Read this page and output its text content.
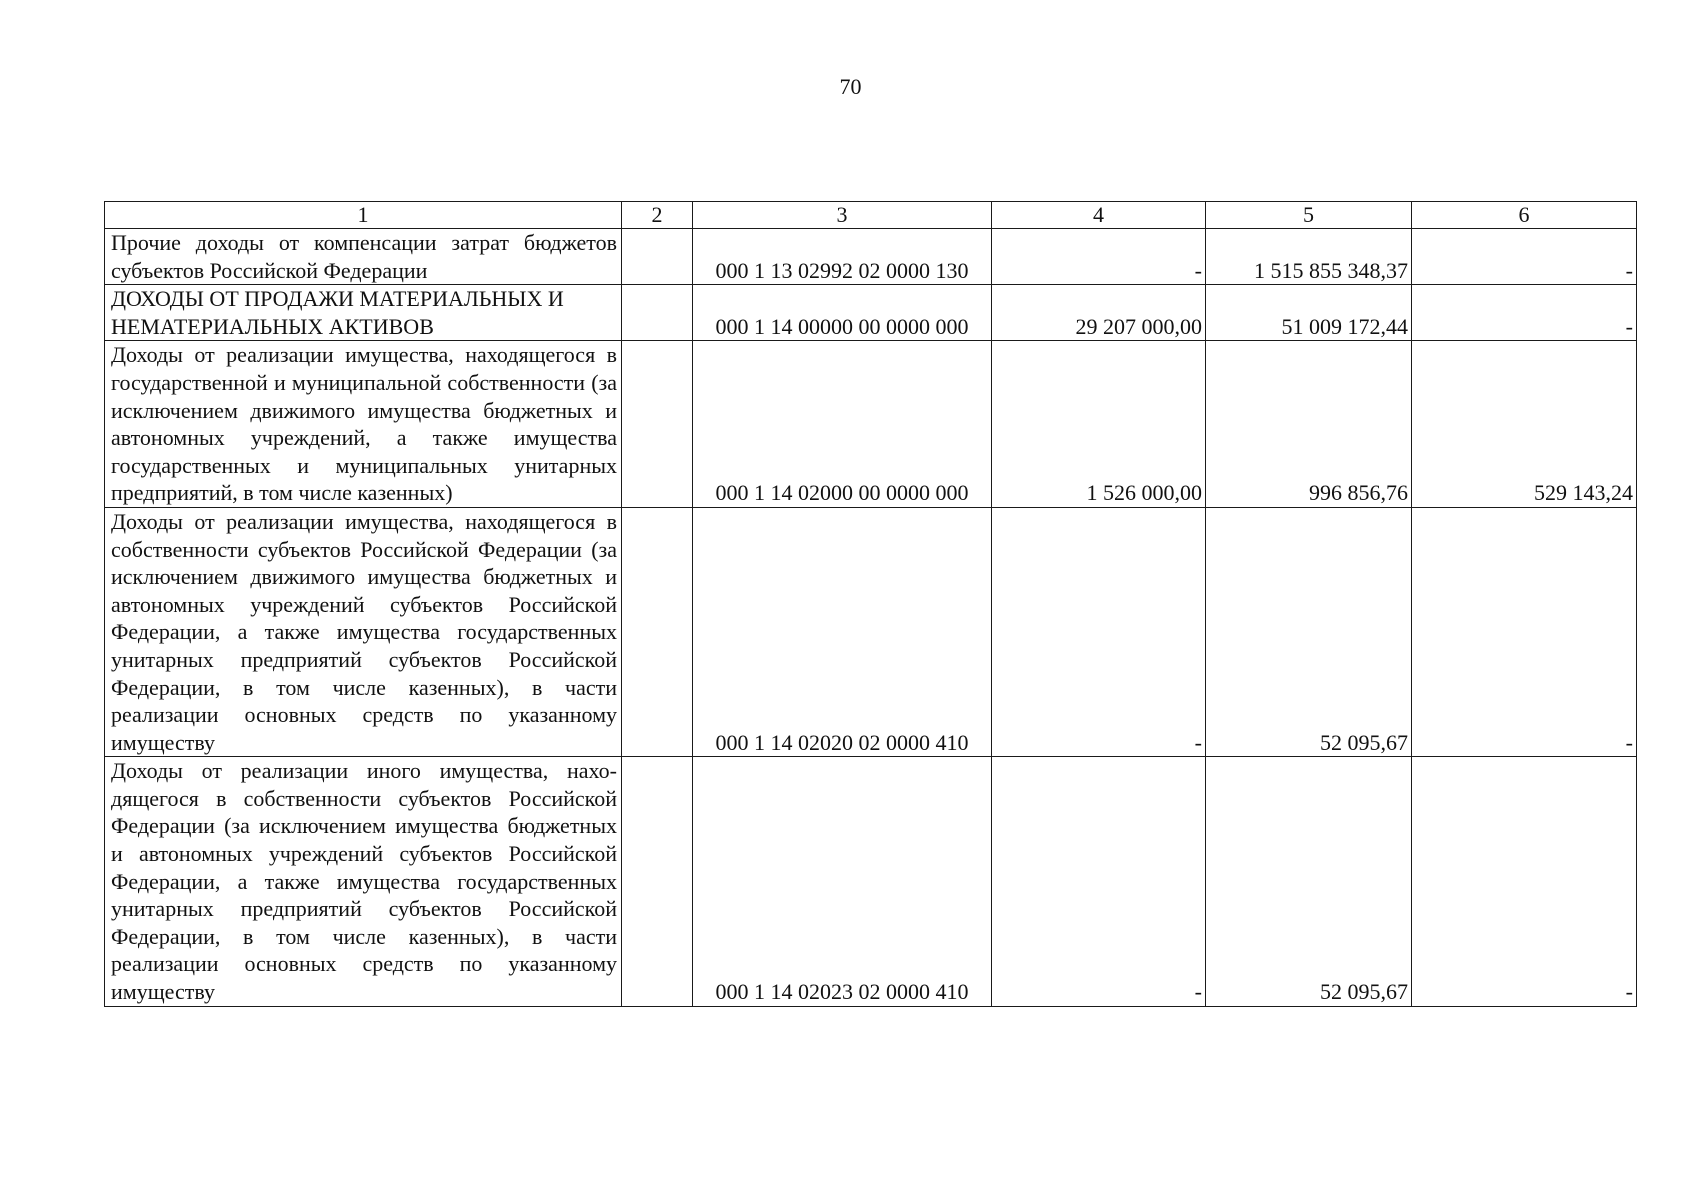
70
1	2	3	4	5	6
Прочие доходы от компенсации затрат бюджетов субъектов Российской Федерации		000 1 13 02992 02 0000 130	-	1 515 855 348,37	-
ДОХОДЫ ОТ ПРОДАЖИ МАТЕРИАЛЬНЫХ И НЕМАТЕРИАЛЬНЫХ АКТИВОВ		000 1 14 00000 00 0000 000	29 207 000,00	51 009 172,44	-
Доходы от реализации имущества, находящегося в государственной и муниципальной собственности (за исключением движимого имущества бюджетных и автономных учреждений, а также имущества государственных и муниципальных унитарных предприятий, в том числе казенных)		000 1 14 02000 00 0000 000	1 526 000,00	996 856,76	529 143,24
Доходы от реализации имущества, находящегося в собственности субъектов Российской Федерации (за исключением движимого имущества бюджетных и автономных учреждений субъектов Российской Федерации, а также имущества государственных унитарных предприятий субъектов Российской Федерации, в том числе казенных), в части реализации основных средств по указанному имуществу		000 1 14 02020 02 0000 410	-	52 095,67	-
Доходы от реализации иного имущества, находящегося в собственности субъектов Российской Федерации (за исключением имущества бюджетных и автономных учреждений субъектов Российской Федерации, а также имущества государственных унитарных предприятий субъектов Российской Федерации, в том числе казенных), в части реализации основных средств по указанному имуществу		000 1 14 02023 02 0000 410	-	52 095,67	-
